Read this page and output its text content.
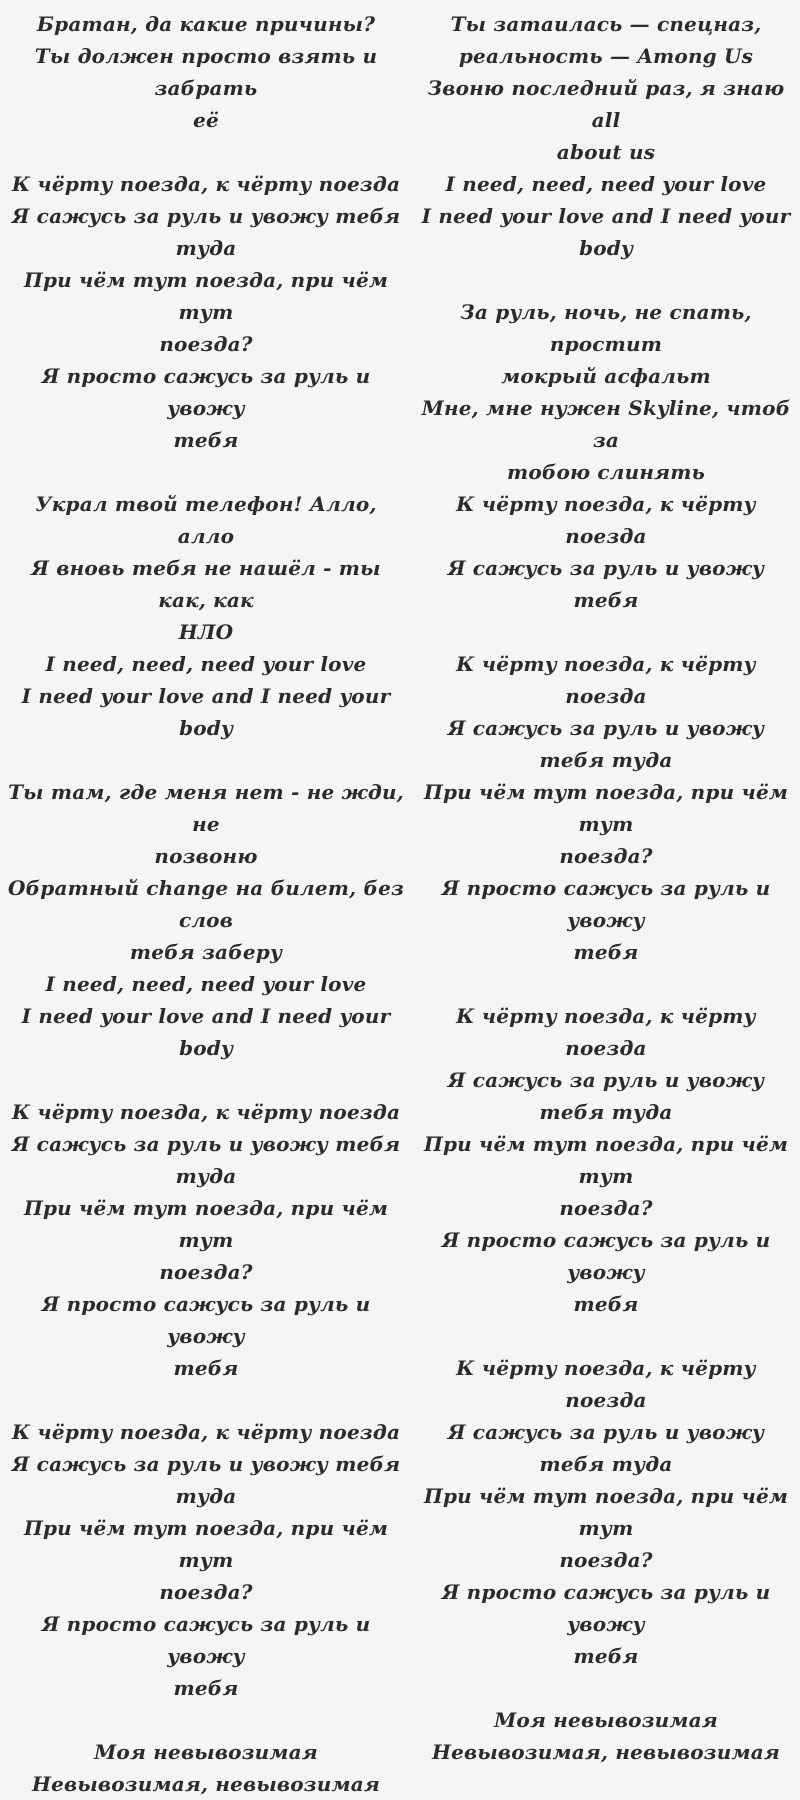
Братан, да какие причины?
Ты должен просто взять и забрать
её
К чёрту поезда, к чёрту поезда
Я сажусь за руль и увожу тебя туда
При чём тут поезда, при чём тут
поезда?
Я просто сажусь за руль и увожу
тебя
Украл твой телефон! Алло, алло
Я вновь тебя не нашёл - ты как, как
НЛО
I need, need, need your love
I need your love and I need your body
Ты там, где меня нет - не жди, не
позвоню
Обратный change на билет, без слов
тебя заберу
I need, need, need your love
I need your love and I need your body
К чёрту поезда, к чёрту поезда
Я сажусь за руль и увожу тебя туда
При чём тут поезда, при чём тут
поезда?
Я просто сажусь за руль и увожу
тебя
К чёрту поезда, к чёрту поезда
Я сажусь за руль и увожу тебя туда
При чём тут поезда, при чём тут
поезда?
Я просто сажусь за руль и увожу
тебя
Моя невывозимая
Невывозимая, невывозимая
Ты затаилась — спецназ,
реальность — Among Us
Звоню последний раз, я знаю all
about us
I need, need, need your love
I need your love and I need your body
За руль, ночь, не спать, простит
мокрый асфальт
Мне, мне нужен Skyline, чтоб за
тобою слинять
К чёрту поезда, к чёрту поезда
Я сажусь за руль и увожу тебя
К чёрту поезда, к чёрту поезда
Я сажусь за руль и увожу тебя туда
При чём тут поезда, при чём тут
поезда?
Я просто сажусь за руль и увожу
тебя
К чёрту поезда, к чёрту поезда
Я сажусь за руль и увожу тебя туда
При чём тут поезда, при чём тут
поезда?
Я просто сажусь за руль и увожу
тебя
К чёрту поезда, к чёрту поезда
Я сажусь за руль и увожу тебя туда
При чём тут поезда, при чём тут
поезда?
Я просто сажусь за руль и увожу
тебя
Моя невывозимая
Невывозимая, невывозимая
